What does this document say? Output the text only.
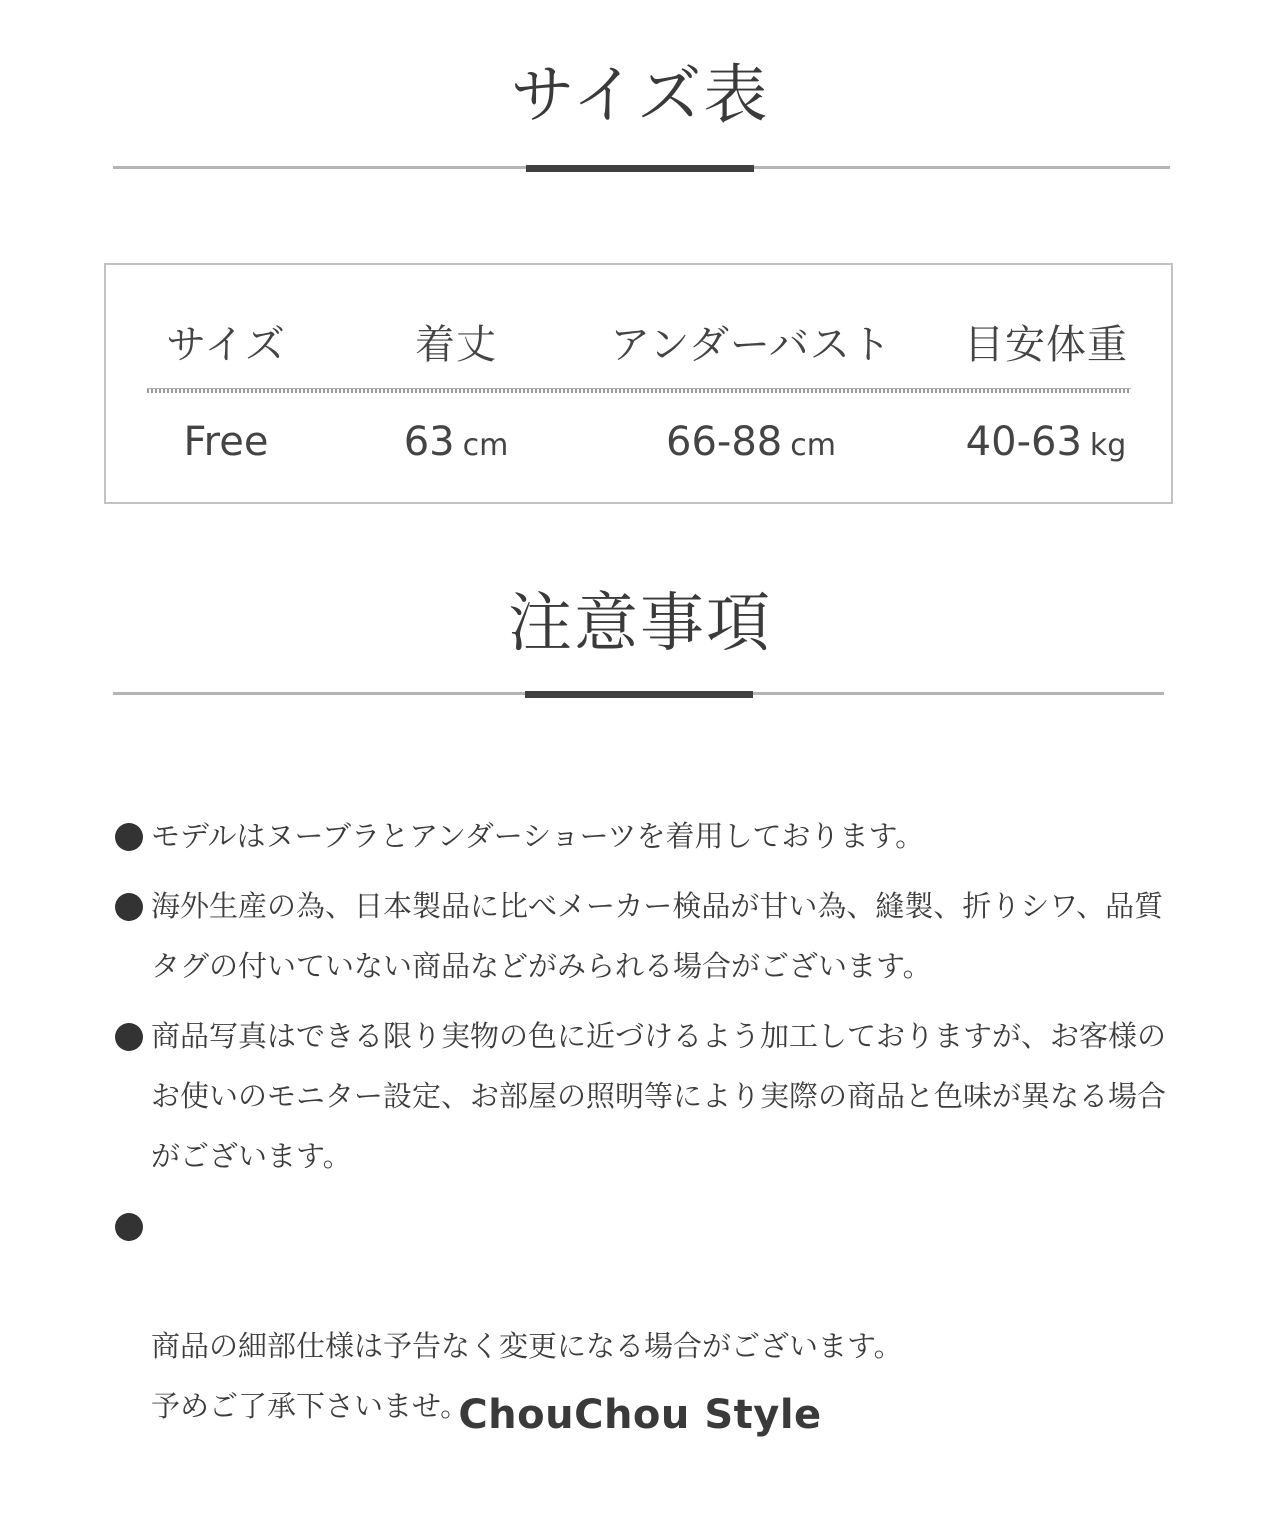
サイズ表
サイズ	着丈	アンダーバスト	目安体重
Free	63 cm	66-88 cm	40-63 kg
注意事項
モデルはヌーブラとアンダーショーツを着用しております。
海外生産の為、日本製品に比べメーカー検品が甘い為、縫製、折りシワ、品質タグの付いていない商品などがみられる場合がございます。
商品写真はできる限り実物の色に近づけるよう加工しておりますが、お客様のお使いのモニター設定、お部屋の照明等により実際の商品と色味が異なる場合がございます。

商品の細部仕様は予告なく変更になる場合がございます。
予めご了承下さいませ。

ChouChou Style
